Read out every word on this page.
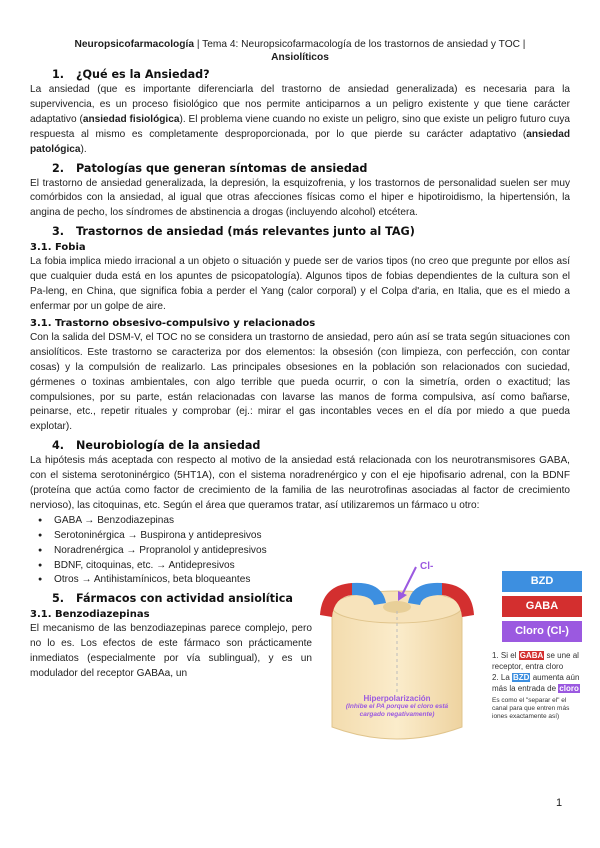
Neuropsicofarmacología | Tema 4: Neuropsicofarmacología de los trastornos de ansiedad y TOC |
Ansiolíticos
1. ¿Qué es la Ansiedad?

La ansiedad (que es importante diferenciarla del trastorno de ansiedad generalizada) es necesaria para la supervivencia, es un proceso fisiológico que nos permite anticiparnos a un peligro existente y que tiene carácter adaptativo (ansiedad fisiológica). El problema viene cuando no existe un peligro, sino que existe un peligro futuro cuya respuesta al mismo es completamente desproporcionada, por lo que pierde su carácter adaptativo (ansiedad patológica).

2. Patologías que generan síntomas de ansiedad

El trastorno de ansiedad generalizada, la depresión, la esquizofrenia, y los trastornos de personalidad suelen ser muy comórbidos con la ansiedad, al igual que otras afecciones físicas como el hiper e hipotiroidismo, la hipertensión, la angina de pecho, los síndromes de abstinencia a drogas (incluyendo alcohol) etcétera.

3. Trastornos de ansiedad (más relevantes junto al TAG)
3.1. Fobia

La fobia implica miedo irracional a un objeto o situación y puede ser de varios tipos (no creo que pregunte por ellos así que cualquier duda está en los apuntes de psicopatología). Algunos tipos de fobias dependientes de la cultura son el Pa-leng, en China, que significa fobia a perder el Yang (calor corporal) y el Colpa d'aria, en Italia, que es el miedo a enfermar por un golpe de aire.

3.1. Trastorno obsesivo-compulsivo y relacionados

Con la salida del DSM-V, el TOC no se considera un trastorno de ansiedad, pero aún así se trata según situaciones con ansiolíticos. Este trastorno se caracteriza por dos elementos: la obsesión (con limpieza, con perfección, con contar cosas) y la compulsión de realizarlo. Las principales obsesiones en la población son relacionados con suciedad, gérmenes o toxinas ambientales, con algo terrible que pueda ocurrir, o con la simetría, orden o exactitud; las compulsiones, por su parte, están relacionadas con lavarse las manos de forma compulsiva, así como bañarse, peinarse, etc., repetir rituales y comprobar (ej.: mirar el gas incontables veces en el día por miedo a que pueda explotar).

4. Neurobiología de la ansiedad

La hipótesis más aceptada con respecto al motivo de la ansiedad está relacionada con los neurotransmisores GABA, con el sistema serotoninérgico (5HT1A), con el sistema noradrenérgico y con el eje hipofisario adrenal, con la BDNF (proteína que actúa como factor de crecimiento de la familia de las neurotrofinas asociadas al factor de crecimiento nervioso), las citoquinas, etc. Según el área que queramos tratar, así utilizaremos un fármaco u otro:

● GABA → Benzodiazepinas
● Serotoninérgica → Buspirona y antidepresivos
● Noradrenérgica → Propranolol y antidepresivos
● BDNF, citoquinas, etc. → Antidepresivos
● Otros → Antihistamínicos, beta bloqueantes
5. Fármacos con actividad ansiolítica
3.1. Benzodiazepinas

El mecanismo de las benzodiazepinas parece complejo, pero no lo es. Los efectos de este fármaco son prácticamente inmediatos (especialmente por vía sublingual), y es un modulador del receptor GABAa, un

Cl-
Hiperpolarización
(Inhibe el PA porque el cloro está cargado negativamente)
BZD
GABA
Cloro (Cl-)
1. Si el GABA se une al receptor, entra cloro
2. La BZD aumenta aún más la entrada de cloro
Es como el "separar el" el canal para que entren más iones exactamente así)
1
